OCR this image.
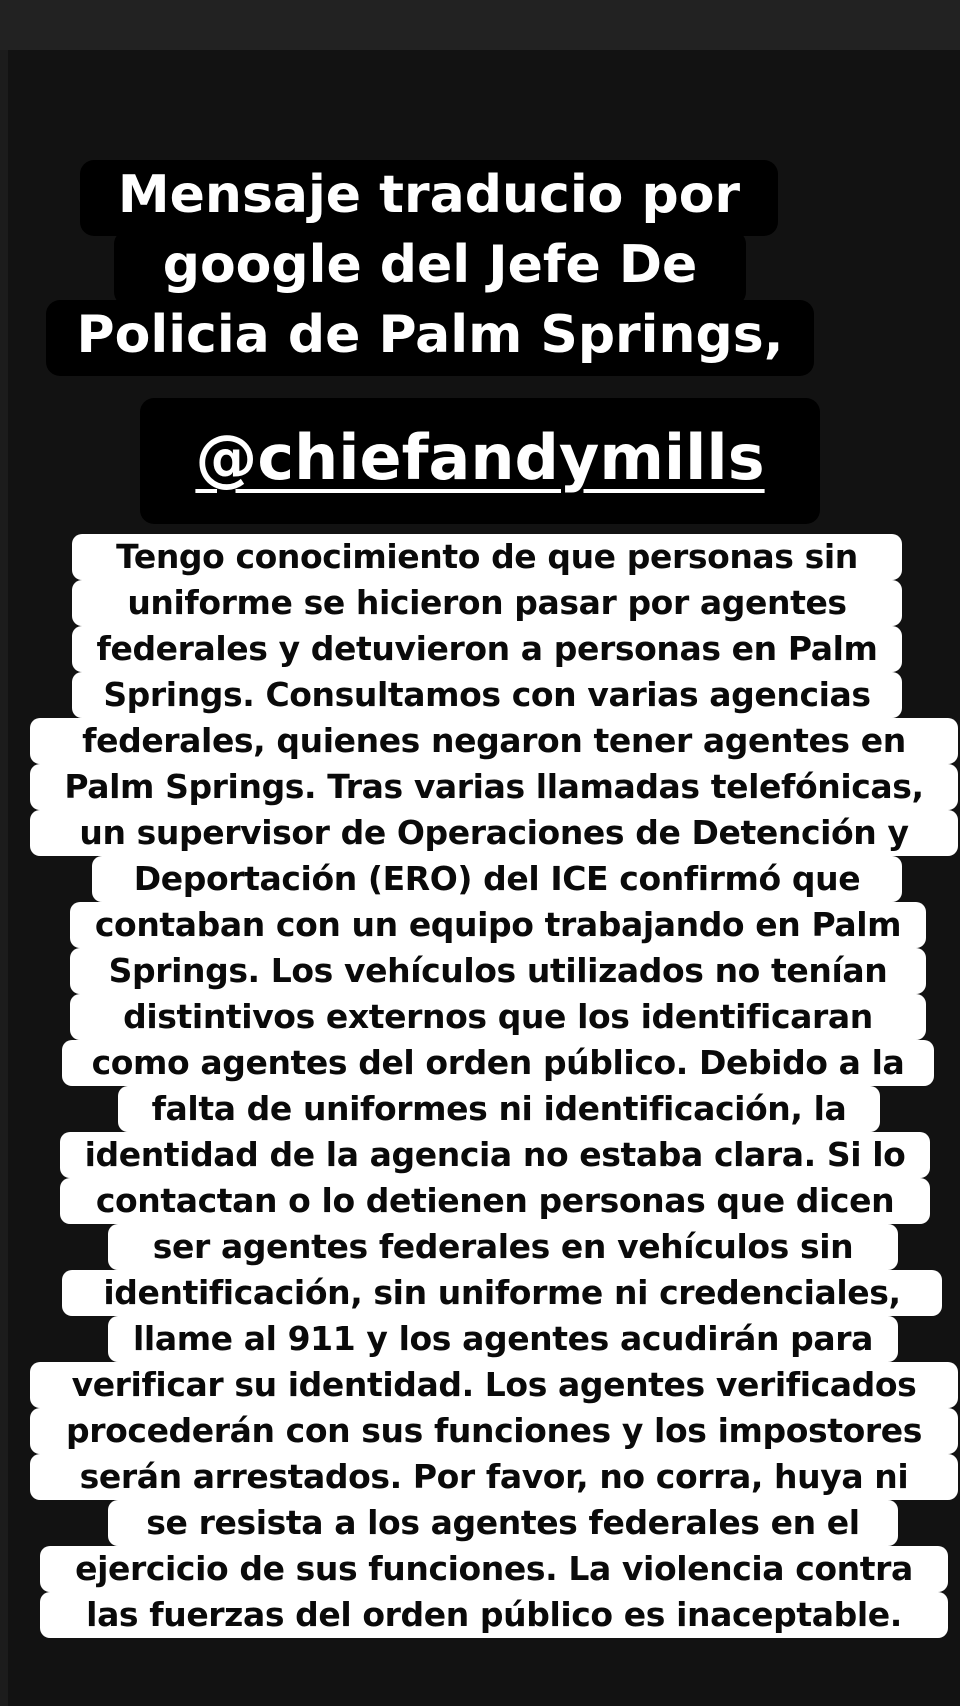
Mensaje traducio por
google del Jefe De
Policia de Palm Springs,
@chiefandymills
Tengo conocimiento de que personas sin
uniforme se hicieron pasar por agentes
federales y detuvieron a personas en Palm
Springs. Consultamos con varias agencias
federales, quienes negaron tener agentes en
Palm Springs. Tras varias llamadas telefónicas,
un supervisor de Operaciones de Detención y
Deportación (ERO) del ICE confirmó que
contaban con un equipo trabajando en Palm
Springs. Los vehículos utilizados no tenían
distintivos externos que los identificaran
como agentes del orden público. Debido a la
falta de uniformes ni identificación, la
identidad de la agencia no estaba clara. Si lo
contactan o lo detienen personas que dicen
ser agentes federales en vehículos sin
identificación, sin uniforme ni credenciales,
llame al 911 y los agentes acudirán para
verificar su identidad. Los agentes verificados
procederán con sus funciones y los impostores
serán arrestados. Por favor, no corra, huya ni
se resista a los agentes federales en el
ejercicio de sus funciones. La violencia contra
las fuerzas del orden público es inaceptable.
